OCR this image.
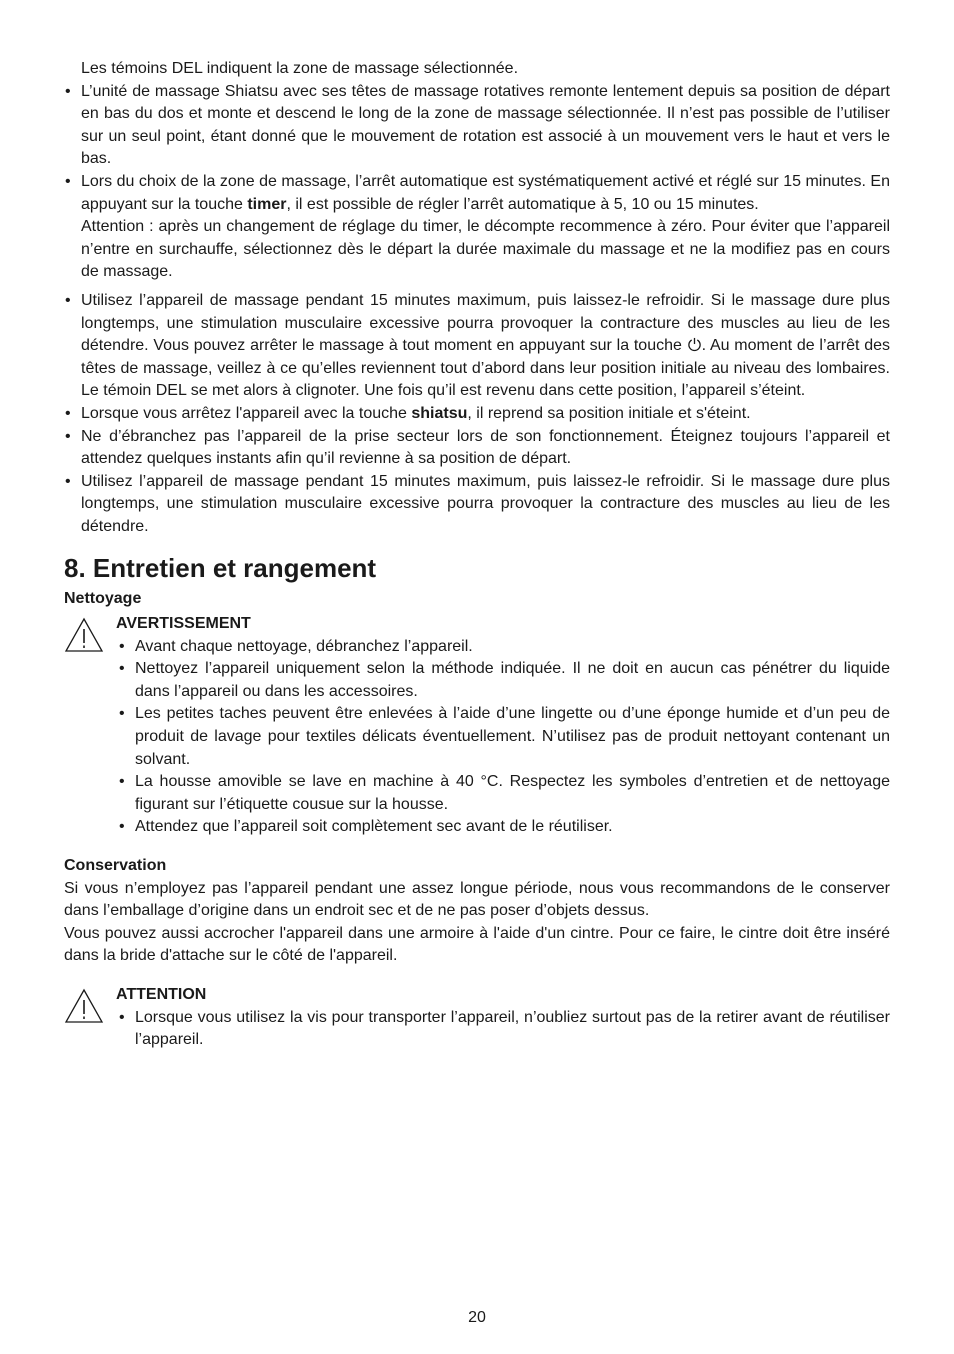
Les témoins DEL indiquent la zone de massage sélectionnée.

• L’unité de massage Shiatsu avec ses têtes de massage rotatives remonte lentement depuis sa position de départ en bas du dos et monte et descend le long de la zone de massage sélectionnée. Il n’est pas possible de l’utiliser sur un seul point, étant donné que le mouvement de rotation est associé à un mouvement vers le haut et vers le bas.
• Lors du choix de la zone de massage, l’arrêt automatique est systématiquement activé et réglé sur 15 minutes. En appuyant sur la touche timer, il est possible de régler l’arrêt automatique à 5, 10 ou 15 minutes.
Attention : après un changement de réglage du timer, le décompte recommence à zéro. Pour éviter que l’appareil n’entre en surchauffe, sélectionnez dès le départ la durée maximale du massage et ne la modifiez pas en cours de massage.
• Utilisez l’appareil de massage pendant 15 minutes maximum, puis laissez-le refroidir. Si le massage dure plus longtemps, une stimulation musculaire excessive pourra provoquer la contracture des muscles au lieu de les détendre. Vous pouvez arrêter le massage à tout moment en appuyant sur la touche . Au moment de l’arrêt des têtes de massage, veillez à ce qu’elles reviennent tout d’abord dans leur position initiale au niveau des lombaires. Le témoin DEL se met alors à clignoter. Une fois qu’il est revenu dans cette position, l’appareil s’éteint.
• Lorsque vous arrêtez l'appareil avec la touche shiatsu, il reprend sa position initiale et s'éteint.
• Ne d’ébranchez pas l’appareil de la prise secteur lors de son fonctionnement. Éteignez toujours l’appareil et attendez quelques instants afin qu’il revienne à sa position de départ.
• Utilisez l’appareil de massage pendant 15 minutes maximum, puis laissez-le refroidir. Si le massage dure plus longtemps, une stimulation musculaire excessive pourra provoquer la contracture des muscles au lieu de les détendre.
8. Entretien et rangement
Nettoyage
AVERTISSEMENT
• Avant chaque nettoyage, débranchez l’appareil.
• Nettoyez l’appareil uniquement selon la méthode indiquée. Il ne doit en aucun cas pénétrer du liquide dans l’appareil ou dans les accessoires.
• Les petites taches peuvent être enlevées à l’aide d’une lingette ou d’une éponge humide et d’un peu de produit de lavage pour textiles délicats éventuellement. N’utilisez pas de produit nettoyant contenant un solvant.
• La housse amovible se lave en machine à 40 °C. Respectez les symboles d’entretien et de nettoyage figurant sur l’étiquette cousue sur la housse.
• Attendez que l’appareil soit complètement sec avant de le réutiliser.
Conservation

Si vous n’employez pas l’appareil pendant une assez longue période, nous vous recommandons de le conserver dans l’emballage d’origine dans un endroit sec et de ne pas poser d’objets dessus.

Vous pouvez aussi accrocher l'appareil dans une armoire à l'aide d'un cintre. Pour ce faire, le cintre doit être inséré dans la bride d'attache sur le côté de l'appareil.

ATTENTION
• Lorsque vous utilisez la vis pour transporter l’appareil, n’oubliez surtout pas de la retirer avant de réutiliser l’appareil.
20
